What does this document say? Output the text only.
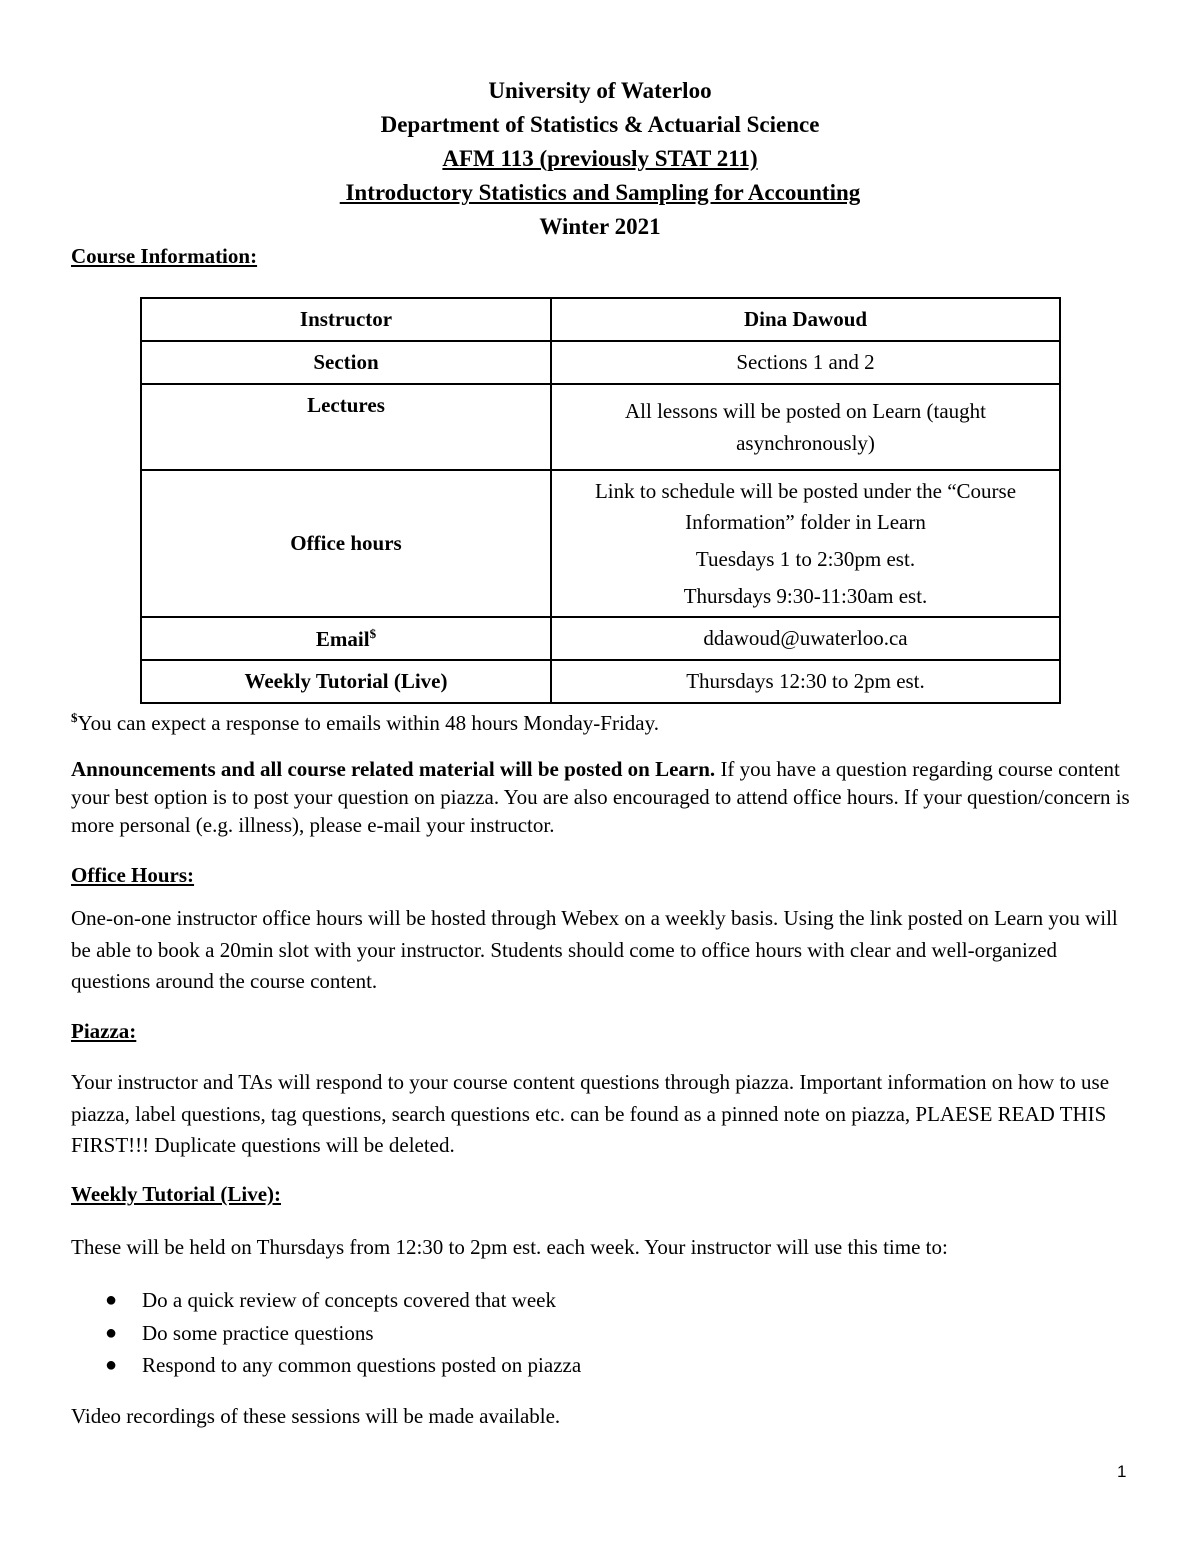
University of Waterloo
Department of Statistics & Actuarial Science
AFM 113 (previously STAT 211)
Introductory Statistics and Sampling for Accounting
Winter 2021
Course Information:
Instructor	Dina Dawoud
Section	Sections 1 and 2
Lectures	All lessons will be posted on Learn (taught
asynchronously)

Office hours	Link to schedule will be posted under the “Course

Information” folder in Learn

Tuesdays 1 to 2:30pm est.

Thursdays 9:30-11:30am est.

Email$	ddawoud@uwaterloo.ca
Weekly Tutorial (Live)	Thursdays 12:30 to 2pm est.
$You can expect a response to emails within 48 hours Monday-Friday.
Announcements and all course related material will be posted on Learn. If you have a question regarding course content your best option is to post your question on piazza. You are also encouraged to attend office hours. If your question/concern is more personal (e.g. illness), please e-mail your instructor.
Office Hours:
One-on-one instructor office hours will be hosted through Webex on a weekly basis. Using the link posted on Learn you will be able to book a 20min slot with your instructor. Students should come to office hours with clear and well-organized questions around the course content.
Piazza:
Your instructor and TAs will respond to your course content questions through piazza. Important information on how to use piazza, label questions, tag questions, search questions etc. can be found as a pinned note on piazza, PLAESE READ THIS FIRST!!! Duplicate questions will be deleted.
Weekly Tutorial (Live):
These will be held on Thursdays from 12:30 to 2pm est. each week. Your instructor will use this time to:
● Do a quick review of concepts covered that week
● Do some practice questions
● Respond to any common questions posted on piazza
Video recordings of these sessions will be made available.
1
